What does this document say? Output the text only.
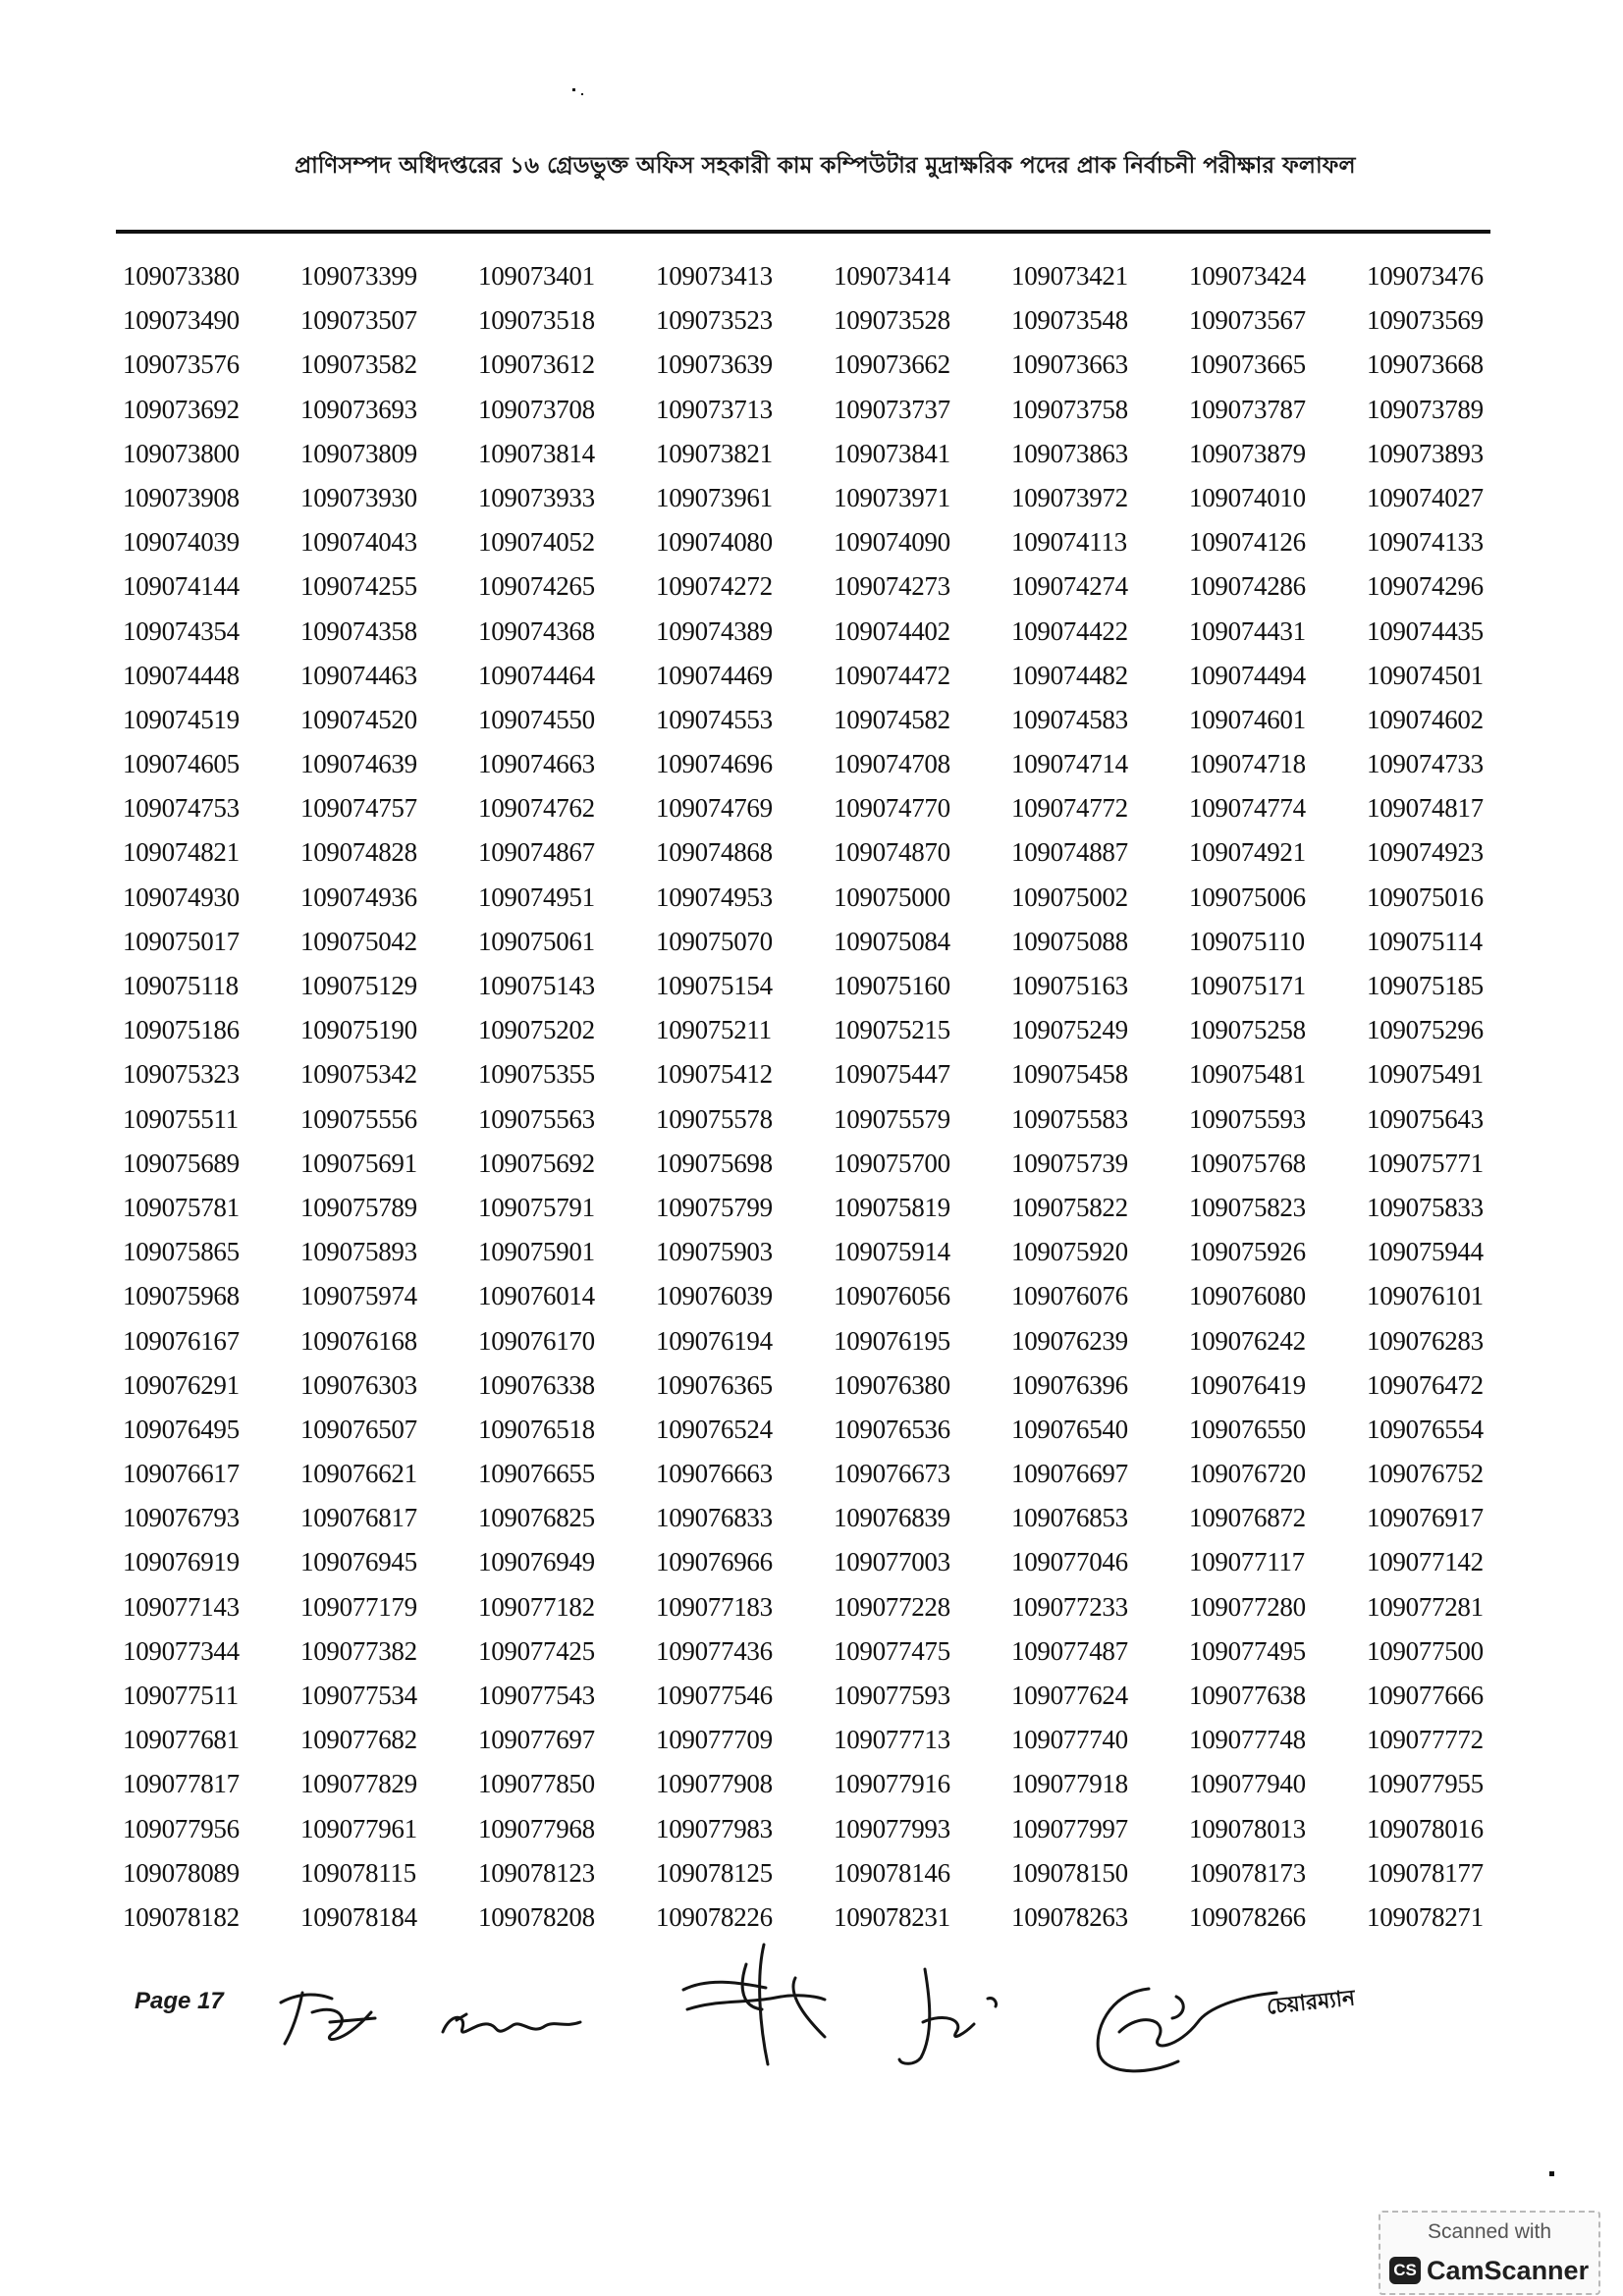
প্রাণিসম্পদ অধিদপ্তরের ১৬ গ্রেডভুক্ত অফিস সহকারী কাম কম্পিউটার মুদ্রাক্ষরিক পদের প্রাক নির্বাচনী পরীক্ষার ফলাফল
109073380	109073399	109073401	109073413	109073414	109073421	109073424	109073476
109073490	109073507	109073518	109073523	109073528	109073548	109073567	109073569
109073576	109073582	109073612	109073639	109073662	109073663	109073665	109073668
109073692	109073693	109073708	109073713	109073737	109073758	109073787	109073789
109073800	109073809	109073814	109073821	109073841	109073863	109073879	109073893
109073908	109073930	109073933	109073961	109073971	109073972	109074010	109074027
109074039	109074043	109074052	109074080	109074090	109074113	109074126	109074133
109074144	109074255	109074265	109074272	109074273	109074274	109074286	109074296
109074354	109074358	109074368	109074389	109074402	109074422	109074431	109074435
109074448	109074463	109074464	109074469	109074472	109074482	109074494	109074501
109074519	109074520	109074550	109074553	109074582	109074583	109074601	109074602
109074605	109074639	109074663	109074696	109074708	109074714	109074718	109074733
109074753	109074757	109074762	109074769	109074770	109074772	109074774	109074817
109074821	109074828	109074867	109074868	109074870	109074887	109074921	109074923
109074930	109074936	109074951	109074953	109075000	109075002	109075006	109075016
109075017	109075042	109075061	109075070	109075084	109075088	109075110	109075114
109075118	109075129	109075143	109075154	109075160	109075163	109075171	109075185
109075186	109075190	109075202	109075211	109075215	109075249	109075258	109075296
109075323	109075342	109075355	109075412	109075447	109075458	109075481	109075491
109075511	109075556	109075563	109075578	109075579	109075583	109075593	109075643
109075689	109075691	109075692	109075698	109075700	109075739	109075768	109075771
109075781	109075789	109075791	109075799	109075819	109075822	109075823	109075833
109075865	109075893	109075901	109075903	109075914	109075920	109075926	109075944
109075968	109075974	109076014	109076039	109076056	109076076	109076080	109076101
109076167	109076168	109076170	109076194	109076195	109076239	109076242	109076283
109076291	109076303	109076338	109076365	109076380	109076396	109076419	109076472
109076495	109076507	109076518	109076524	109076536	109076540	109076550	109076554
109076617	109076621	109076655	109076663	109076673	109076697	109076720	109076752
109076793	109076817	109076825	109076833	109076839	109076853	109076872	109076917
109076919	109076945	109076949	109076966	109077003	109077046	109077117	109077142
109077143	109077179	109077182	109077183	109077228	109077233	109077280	109077281
109077344	109077382	109077425	109077436	109077475	109077487	109077495	109077500
109077511	109077534	109077543	109077546	109077593	109077624	109077638	109077666
109077681	109077682	109077697	109077709	109077713	109077740	109077748	109077772
109077817	109077829	109077850	109077908	109077916	109077918	109077940	109077955
109077956	109077961	109077968	109077983	109077993	109077997	109078013	109078016
109078089	109078115	109078123	109078125	109078146	109078150	109078173	109078177
109078182	109078184	109078208	109078226	109078231	109078263	109078266	109078271
Page 17	চেয়ারম্যান
Scanned with
CS CamScanner
